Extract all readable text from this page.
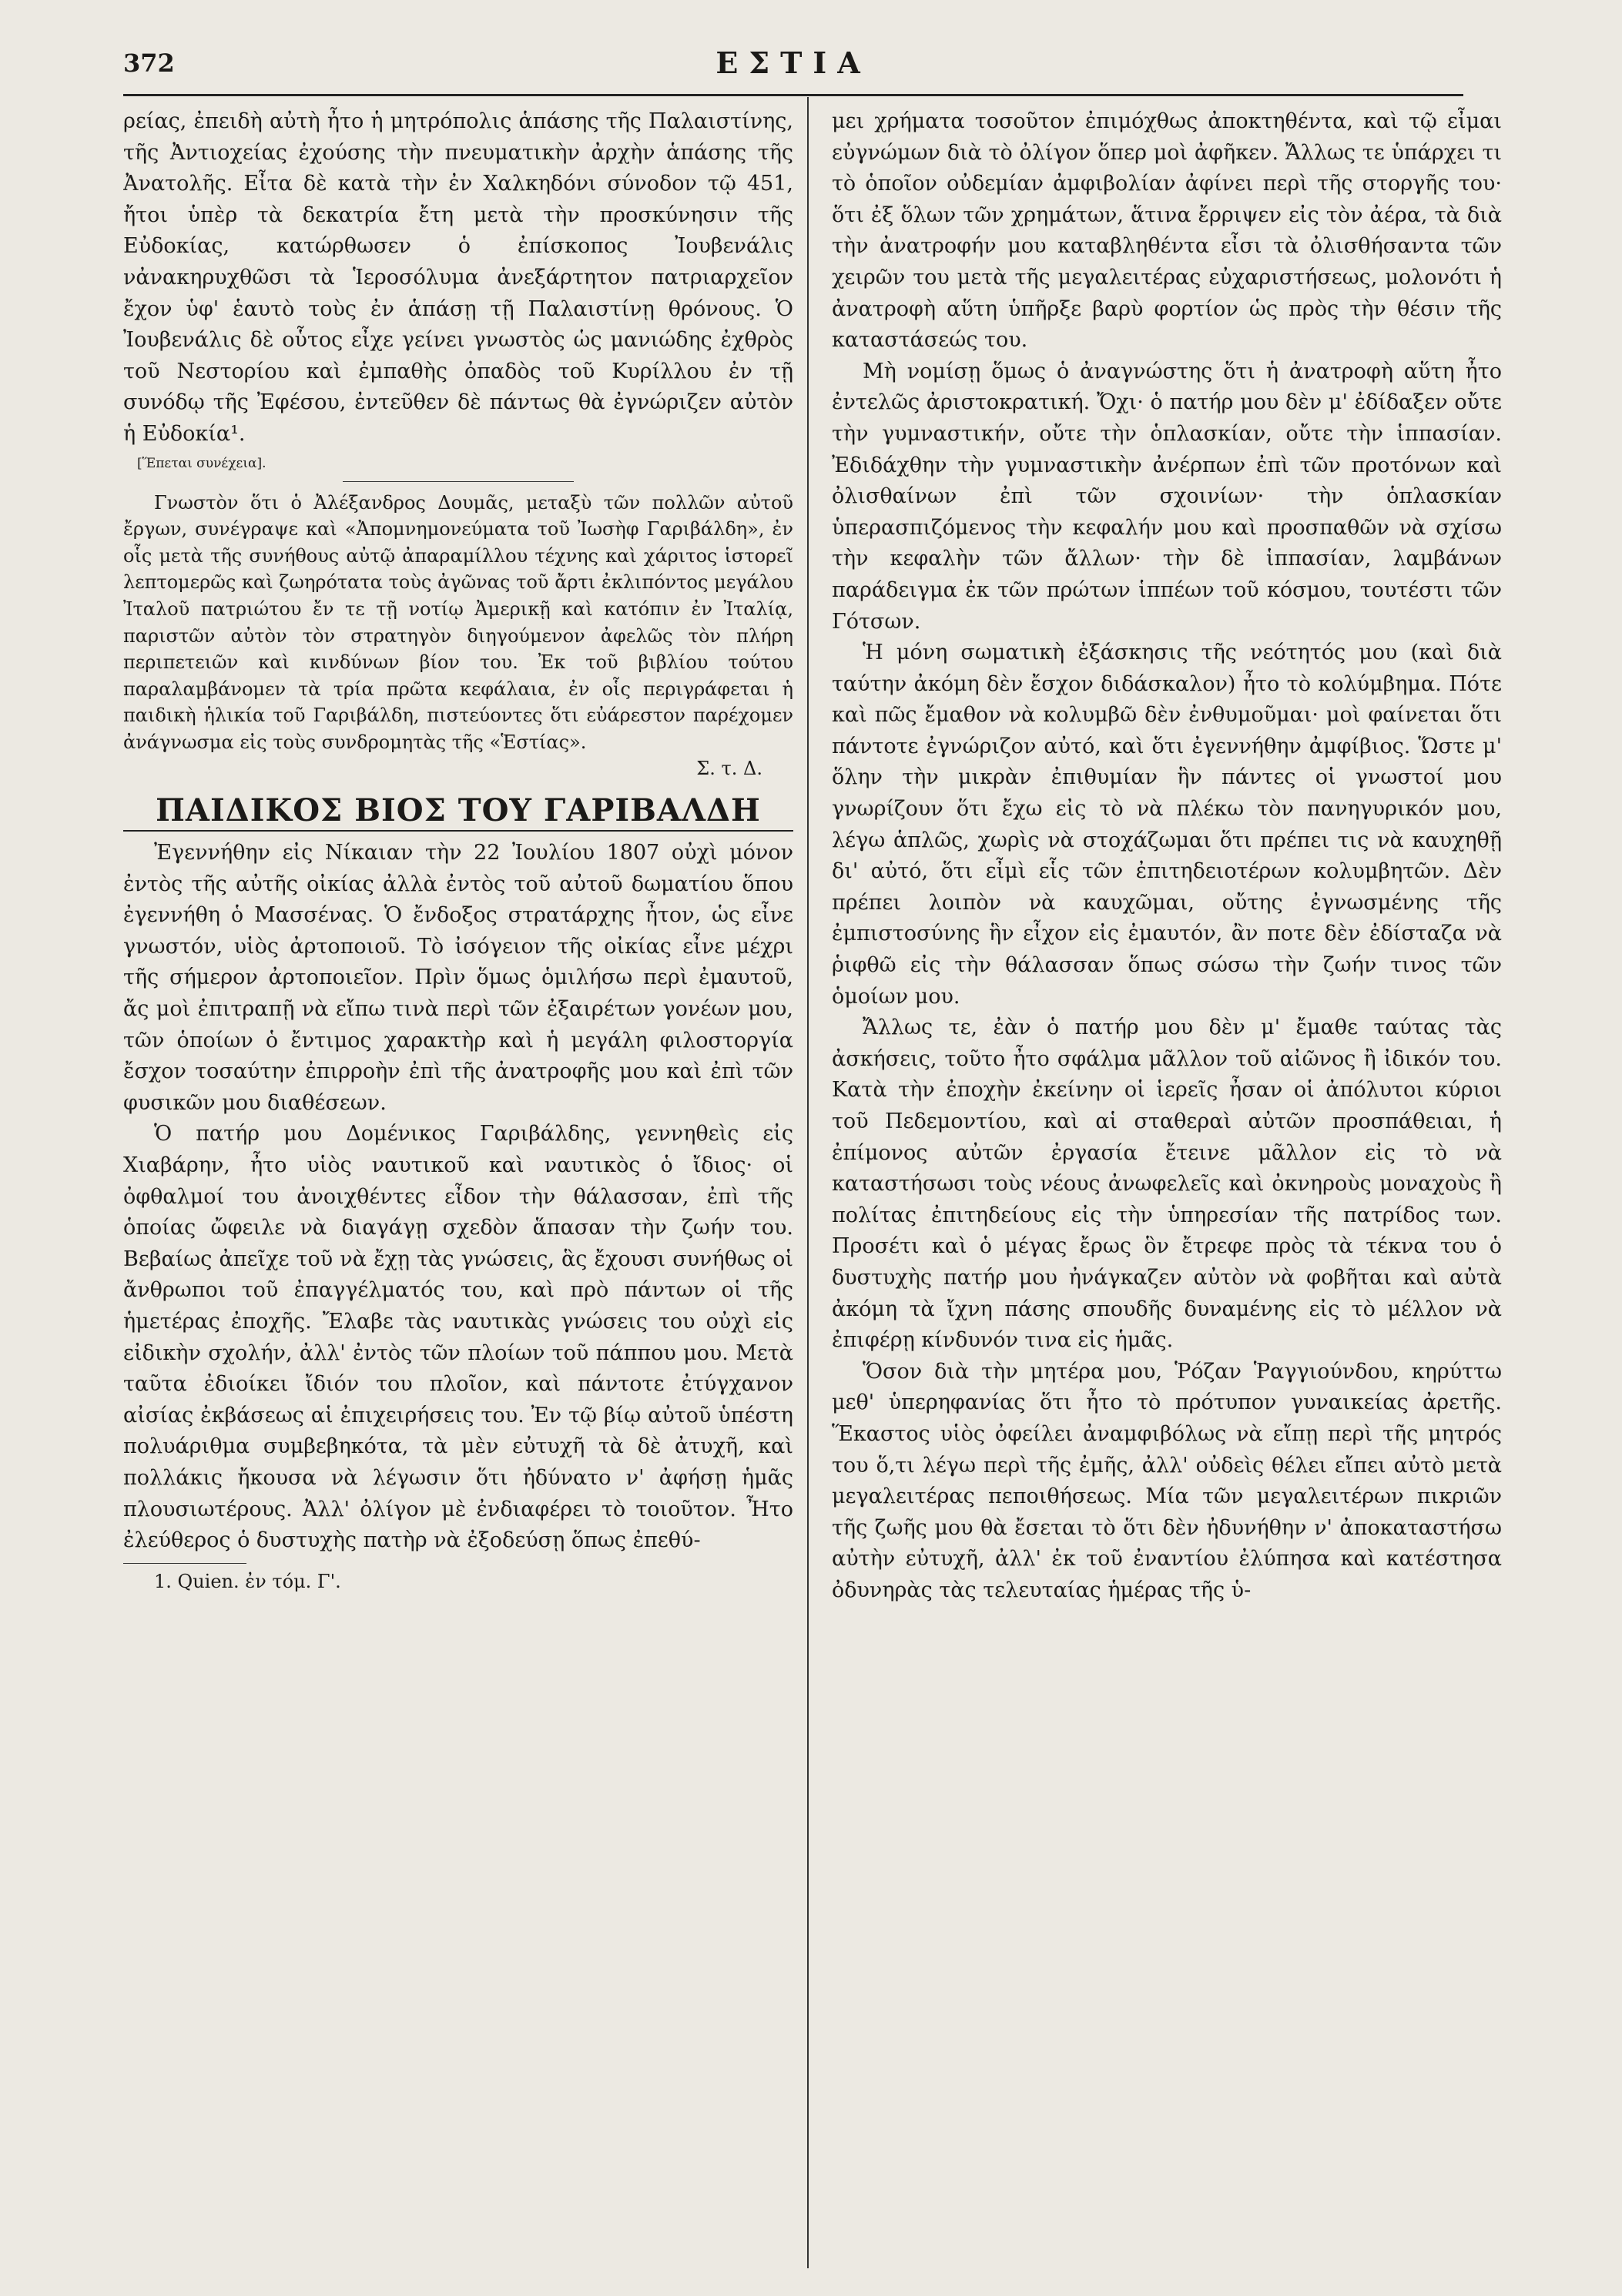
372	ΕΣΤΙΑ

ρείας, ἐπειδὴ αὐτὴ ἦτο ἡ μητρόπολις ἁπάσης τῆς Παλαιστίνης, τῆς Ἀντιοχείας ἐχούσης τὴν πνευματικὴν ἀρχὴν ἁπάσης τῆς Ἀνατολῆς. Εἶτα δὲ κατὰ τὴν ἐν Χαλκηδόνι σύνοδον τῷ 451, ἤτοι ὑπὲρ τὰ δεκατρία ἔτη μετὰ τὴν προσκύνησιν τῆς Εὐδοκίας, κατώρθωσεν ὁ ἐπίσκοπος Ἰουβενάλις νἀνακηρυχθῶσι τὰ Ἱεροσόλυμα ἀνεξάρτητον πατριαρχεῖον ἔχον ὑφ' ἑαυτὸ τοὺς ἐν ἁπάσῃ τῇ Παλαιστίνῃ θρόνους. Ὁ Ἰουβενάλις δὲ οὗτος εἶχε γείνει γνωστὸς ὡς μανιώδης ἐχθρὸς τοῦ Νεστορίου καὶ ἐμπαθὴς ὀπαδὸς τοῦ Κυρίλλου ἐν τῇ συνόδῳ τῆς Ἐφέσου, ἐντεῦθεν δὲ πάντως θὰ ἐγνώριζεν αὐτὸν ἡ Εὐδοκία¹.

[Ἕπεται συνέχεια].

Γνωστὸν ὅτι ὁ Ἀλέξανδρος Δουμᾶς, μεταξὺ τῶν πολλῶν αὐτοῦ ἔργων, συνέγραψε καὶ «Ἀπομνημονεύματα τοῦ Ἰωσὴφ Γαριβάλδη», ἐν οἷς μετὰ τῆς συνήθους αὐτῷ ἀπαραμίλλου τέχνης καὶ χάριτος ἱστορεῖ λεπτομερῶς καὶ ζωηρότατα τοὺς ἀγῶνας τοῦ ἄρτι ἐκλιπόντος μεγάλου Ἰταλοῦ πατριώτου ἔν τε τῇ νοτίῳ Ἀμερικῇ καὶ κατόπιν ἐν Ἰταλίᾳ, παριστῶν αὐτὸν τὸν στρατηγὸν διηγούμενον ἀφελῶς τὸν πλήρη περιπετειῶν καὶ κινδύνων βίον του. Ἐκ τοῦ βιβλίου τούτου παραλαμβάνομεν τὰ τρία πρῶτα κεφάλαια, ἐν οἷς περιγράφεται ἡ παιδικὴ ἡλικία τοῦ Γαριβάλδη, πιστεύοντες ὅτι εὐάρεστον παρέχομεν ἀνάγνωσμα εἰς τοὺς συνδρομητὰς τῆς «Ἑστίας».

Σ. τ. Δ.

ΠΑΙΔΙΚΟΣ ΒΙΟΣ ΤΟΥ ΓΑΡΙΒΑΛΔΗ

Ἐγεννήθην εἰς Νίκαιαν τὴν 22 Ἰουλίου 1807 οὐχὶ μόνον ἐντὸς τῆς αὐτῆς οἰκίας ἀλλὰ ἐντὸς τοῦ αὐτοῦ δωματίου ὅπου ἐγεννήθη ὁ Μασσένας. Ὁ ἔνδοξος στρατάρχης ἦτον, ὡς εἶνε γνωστόν, υἱὸς ἀρτοποιοῦ. Τὸ ἰσόγειον τῆς οἰκίας εἶνε μέχρι τῆς σήμερον ἀρτοποιεῖον. Πρὶν ὅμως ὁμιλήσω περὶ ἐμαυτοῦ, ἄς μοὶ ἐπιτραπῇ νὰ εἴπω τινὰ περὶ τῶν ἐξαιρέτων γονέων μου, τῶν ὁποίων ὁ ἔντιμος χαρακτὴρ καὶ ἡ μεγάλη φιλοστοργία ἔσχον τοσαύτην ἐπιρροὴν ἐπὶ τῆς ἀνατροφῆς μου καὶ ἐπὶ τῶν φυσικῶν μου διαθέσεων.

Ὁ πατήρ μου Δομένικος Γαριβάλδης, γεννηθεὶς εἰς Χιαβάρην, ἦτο υἱὸς ναυτικοῦ καὶ ναυτικὸς ὁ ἴδιος· οἱ ὀφθαλμοί του ἀνοιχθέντες εἶδον τὴν θάλασσαν, ἐπὶ τῆς ὁποίας ὤφειλε νὰ διαγάγῃ σχεδὸν ἅπασαν τὴν ζωήν του. Βεβαίως ἀπεῖχε τοῦ νὰ ἔχῃ τὰς γνώσεις, ἃς ἔχουσι συνήθως οἱ ἄνθρωποι τοῦ ἐπαγγέλματός του, καὶ πρὸ πάντων οἱ τῆς ἡμετέρας ἐποχῆς. Ἔλαβε τὰς ναυτικὰς γνώσεις του οὐχὶ εἰς εἰδικὴν σχολήν, ἀλλ' ἐντὸς τῶν πλοίων τοῦ πάππου μου. Μετὰ ταῦτα ἐδιοίκει ἴδιόν του πλοῖον, καὶ πάντοτε ἐτύγχανον αἰσίας ἐκβάσεως αἱ ἐπιχειρήσεις του. Ἐν τῷ βίῳ αὐτοῦ ὑπέστη πολυάριθμα συμβεβηκότα, τὰ μὲν εὐτυχῆ τὰ δὲ ἀτυχῆ, καὶ πολλάκις ἤκουσα νὰ λέγωσιν ὅτι ἠδύνατο ν' ἀφήσῃ ἡμᾶς πλουσιωτέρους. Ἀλλ' ὀλίγον μὲ ἐνδιαφέρει τὸ τοιοῦτον. Ἦτο ἐλεύθερος ὁ δυστυχὴς πατὴρ νὰ ἐξοδεύσῃ ὅπως ἐπεθύ-

1. Quien. ἐν τόμ. Γ'.

μει χρήματα τοσοῦτον ἐπιμόχθως ἀποκτηθέντα, καὶ τῷ εἶμαι εὐγνώμων διὰ τὸ ὀλίγον ὅπερ μοὶ ἀφῆκεν. Ἄλλως τε ὑπάρχει τι τὸ ὁποῖον οὐδεμίαν ἀμφιβολίαν ἀφίνει περὶ τῆς στοργῆς του· ὅτι ἐξ ὅλων τῶν χρημάτων, ἅτινα ἔρριψεν εἰς τὸν ἀέρα, τὰ διὰ τὴν ἀνατροφήν μου καταβληθέντα εἶσι τὰ ὀλισθήσαντα τῶν χειρῶν του μετὰ τῆς μεγαλειτέρας εὐχαριστήσεως, μολονότι ἡ ἀνατροφὴ αὕτη ὑπῆρξε βαρὺ φορτίον ὡς πρὸς τὴν θέσιν τῆς καταστάσεώς του.

Μὴ νομίσῃ ὅμως ὁ ἀναγνώστης ὅτι ἡ ἀνατροφὴ αὕτη ἦτο ἐντελῶς ἀριστοκρατική. Ὄχι· ὁ πατήρ μου δὲν μ' ἐδίδαξεν οὔτε τὴν γυμναστικήν, οὔτε τὴν ὁπλασκίαν, οὔτε τὴν ἱππασίαν. Ἐδιδάχθην τὴν γυμναστικὴν ἀνέρπων ἐπὶ τῶν προτόνων καὶ ὀλισθαίνων ἐπὶ τῶν σχοινίων· τὴν ὁπλασκίαν ὑπερασπιζόμενος τὴν κεφαλήν μου καὶ προσπαθῶν νὰ σχίσω τὴν κεφαλὴν τῶν ἄλλων· τὴν δὲ ἱππασίαν, λαμβάνων παράδειγμα ἐκ τῶν πρώτων ἱππέων τοῦ κόσμου, τουτέστι τῶν Γότσων.

Ἡ μόνη σωματικὴ ἐξάσκησις τῆς νεότητός μου (καὶ διὰ ταύτην ἀκόμη δὲν ἔσχον διδάσκαλον) ἦτο τὸ κολύμβημα. Πότε καὶ πῶς ἔμαθον νὰ κολυμβῶ δὲν ἐνθυμοῦμαι· μοὶ φαίνεται ὅτι πάντοτε ἐγνώριζον αὐτό, καὶ ὅτι ἐγεννήθην ἀμφίβιος. Ὥστε μ' ὅλην τὴν μικρὰν ἐπιθυμίαν ἣν πάντες οἱ γνωστοί μου γνωρίζουν ὅτι ἔχω εἰς τὸ νὰ πλέκω τὸν πανηγυρικόν μου, λέγω ἁπλῶς, χωρὶς νὰ στοχάζωμαι ὅτι πρέπει τις νὰ καυχηθῇ δι' αὐτό, ὅτι εἶμὶ εἷς τῶν ἐπιτηδειοτέρων κολυμβητῶν. Δὲν πρέπει λοιπὸν νὰ καυχῶμαι, οὔτης ἐγνωσμένης τῆς ἐμπιστοσύνης ἣν εἶχον εἰς ἐμαυτόν, ἂν ποτε δὲν ἐδίσταζα νὰ ῥιφθῶ εἰς τὴν θάλασσαν ὅπως σώσω τὴν ζωήν τινος τῶν ὁμοίων μου.

Ἄλλως τε, ἐὰν ὁ πατήρ μου δὲν μ' ἔμαθε ταύτας τὰς ἀσκήσεις, τοῦτο ἦτο σφάλμα μᾶλλον τοῦ αἰῶνος ἢ ἰδικόν του. Κατὰ τὴν ἐποχὴν ἐκείνην οἱ ἱερεῖς ἦσαν οἱ ἀπόλυτοι κύριοι τοῦ Πεδεμοντίου, καὶ αἱ σταθεραὶ αὐτῶν προσπάθειαι, ἡ ἐπίμονος αὐτῶν ἐργασία ἔτεινε μᾶλλον εἰς τὸ νὰ καταστήσωσι τοὺς νέους ἀνωφελεῖς καὶ ὀκνηροὺς μοναχοὺς ἢ πολίτας ἐπιτηδείους εἰς τὴν ὑπηρεσίαν τῆς πατρίδος των. Προσέτι καὶ ὁ μέγας ἔρως ὃν ἔτρεφε πρὸς τὰ τέκνα του ὁ δυστυχὴς πατήρ μου ἠνάγκαζεν αὐτὸν νὰ φοβῆται καὶ αὐτὰ ἀκόμη τὰ ἴχνη πάσης σπουδῆς δυναμένης εἰς τὸ μέλλον νὰ ἐπιφέρῃ κίνδυνόν τινα εἰς ἡμᾶς.

Ὅσον διὰ τὴν μητέρα μου, Ῥόζαν Ῥαγγιούνδου, κηρύττω μεθ' ὑπερηφανίας ὅτι ἦτο τὸ πρότυπον γυναικείας ἀρετῆς. Ἕκαστος υἱὸς ὀφείλει ἀναμφιβόλως νὰ εἴπῃ περὶ τῆς μητρός του ὅ,τι λέγω περὶ τῆς ἐμῆς, ἀλλ' οὐδεὶς θέλει εἴπει αὐτὸ μετὰ μεγαλειτέρας πεποιθήσεως. Μία τῶν μεγαλειτέρων πικριῶν τῆς ζωῆς μου θὰ ἔσεται τὸ ὅτι δὲν ἠδυνήθην ν' ἀποκαταστήσω αὐτὴν εὐτυχῆ, ἀλλ' ἐκ τοῦ ἐναντίου ἐλύπησα καὶ κατέστησα ὀδυνηρὰς τὰς τελευταίας ἡμέρας τῆς ὑ-
